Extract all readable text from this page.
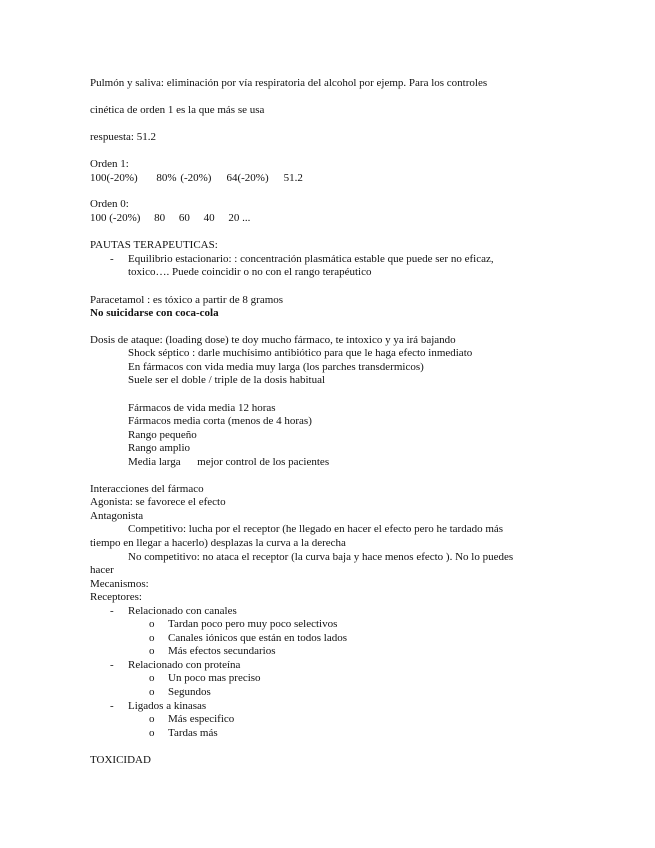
Pulmón y saliva: eliminación por vía respiratoria del alcohol por ejemp. Para los controles
cinética de orden 1 es la que más se usa
respuesta: 51.2
Orden 1:
100(-20%)     80% (-20%)    64(-20%)    51.2
Orden 0:
100 (-20%)     80     60     40     20 ...
PAUTAS TERAPEUTICAS:
- Equilibrio estacionario: : concentración plasmática estable que puede ser no eficaz,
toxico…. Puede coincidir o no con el rango terapéutico
Paracetamol : es tóxico a partir de 8 gramos
No suicidarse con coca-cola
Dosis de ataque: (loading dose) te doy mucho fármaco, te intoxico y ya irá bajando
Shock séptico : darle muchísimo antibiótico para que le haga efecto inmediato
En fármacos con vida media muy larga (los parches transdermicos)
Suele ser el doble / triple de la dosis habitual
Fármacos de vida media 12 horas
Fármacos media corta (menos de 4 horas)
Rango pequeño
Rango amplio
Media larga      mejor control de los pacientes
Interacciones del fármaco
Agonista: se favorece el efecto
Antagonista
Competitivo: lucha por el receptor (he llegado en hacer el efecto pero he tardado más
tiempo en llegar a hacerlo) desplazas la curva a la derecha
No competitivo: no ataca el receptor (la curva baja y hace menos efecto ). No lo puedes
hacer
Mecanismos:
Receptores:
- Relacionado con canales
o Tardan poco pero muy poco selectivos
o Canales iónicos que están en todos lados
o Más efectos secundarios
- Relacionado con proteína
o Un poco mas preciso
o Segundos
- Ligados a kinasas
o Más especifico
o Tardas más
TOXICIDAD
